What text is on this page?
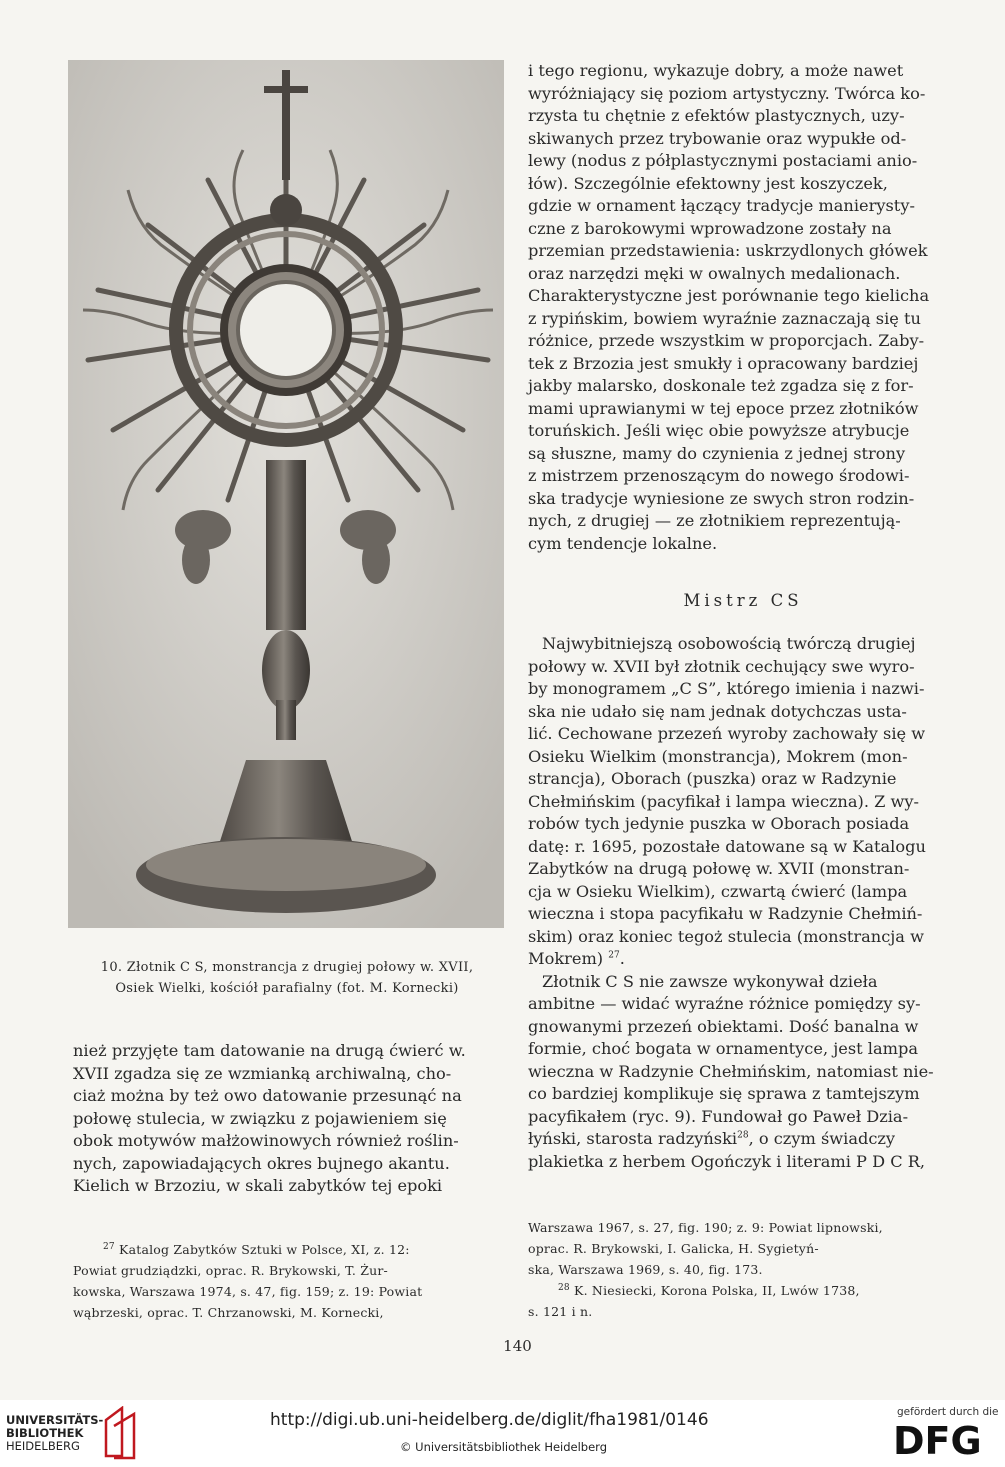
i tego regionu, wykazuje dobry, a może nawet
wyróżniający się poziom artystyczny. Twórca ko-
rzysta tu chętnie z efektów plastycznych, uzy-
skiwanych przez trybowanie oraz wypukłe od-
lewy (nodus z półplastycznymi postaciami anio-
łów). Szczególnie efektowny jest koszyczek,
gdzie w ornament łączący tradycje manierysty-
czne z barokowymi wprowadzone zostały na
przemian przedstawienia: uskrzydlonych główek
oraz narzędzi męki w owalnych medalionach.
Charakterystyczne jest porównanie tego kielicha
z rypińskim, bowiem wyraźnie zaznaczają się tu
różnice, przede wszystkim w proporcjach. Zaby-
tek z Brzozia jest smukły i opracowany bardziej
jakby malarsko, doskonale też zgadza się z for-
mami uprawianymi w tej epoce przez złotników
toruńskich. Jeśli więc obie powyższe atrybucje
są słuszne, mamy do czynienia z jednej strony
z mistrzem przenoszącym do nowego środowi-
ska tradycje wyniesione ze swych stron rodzin-
nych, z drugiej — ze złotnikiem reprezentują-
cym tendencje lokalne.
Mistrz CS
Najwybitniejszą osobowością twórczą drugiej
połowy w. XVII był złotnik cechujący swe wyro-
by monogramem „C S”, którego imienia i nazwi-
ska nie udało się nam jednak dotychczas usta-
lić. Cechowane przezeń wyroby zachowały się w
Osieku Wielkim (monstrancja), Mokrem (mon-
strancja), Oborach (puszka) oraz w Radzynie
Chełmińskim (pacyfikał i lampa wieczna). Z wy-
robów tych jedynie puszka w Oborach posiada
datę: r. 1695, pozostałe datowane są w Katalogu
Zabytków na drugą połowę w. XVII (monstran-
cja w Osieku Wielkim), czwartą ćwierć (lampa
wieczna i stopa pacyfikału w Radzynie Chełmiń-
skim) oraz koniec tegoż stulecia (monstrancja w
Mokrem) $^{27}$.
Złotnik C S nie zawsze wykonywał dzieła
ambitne — widać wyraźne różnice pomiędzy sy-
gnowanymi przezeń obiektami. Dość banalna w
formie, choć bogata w ornamentyce, jest lampa
wieczna w Radzynie Chełmińskim, natomiast nie-
co bardziej komplikuje się sprawa z tamtejszym
pacyfikałem (ryc. 9). Fundował go Paweł Dzia-
łyński, starosta radzyński$^{28}$, o czym świadczy
plakietka z herbem Ogończyk i literami P D C R,
10. Złotnik C S, monstrancja z drugiej połowy w. XVII,
Osiek Wielki, kościół parafialny (fot. M. Kornecki)
nież przyjęte tam datowanie na drugą ćwierć w.
XVII zgadza się ze wzmianką archiwalną, cho-
ciaż można by też owo datowanie przesunąć na
połowę stulecia, w związku z pojawieniem się
obok motywów małżowinowych również roślin-
nych, zapowiadających okres bujnego akantu.
Kielich w Brzoziu, w skali zabytków tej epoki
$^{27}$ Katalog Zabytków Sztuki w Polsce, XI, z. 12:
Powiat grudziądzki, oprac. R. Brykowski, T. Żur-
kowska, Warszawa 1974, s. 47, fig. 159; z. 19: Powiat
wąbrzeski, oprac. T. Chrzanowski, M. Kornecki,
Warszawa 1967, s. 27, fig. 190; z. 9: Powiat lipnowski,
oprac. R. Brykowski, I. Galicka, H. Sygietyń-
ska, Warszawa 1969, s. 40, fig. 173.
$^{28}$ K. Niesiecki, Korona Polska, II, Lwów 1738,
s. 121 i n.
140
UNIVERSITÄTS-
BIBLIOTHEK
HEIDELBERG
http://digi.ub.uni-heidelberg.de/diglit/fha1981/0146
© Universitätsbibliothek Heidelberg
gefördert durch die
DFG
